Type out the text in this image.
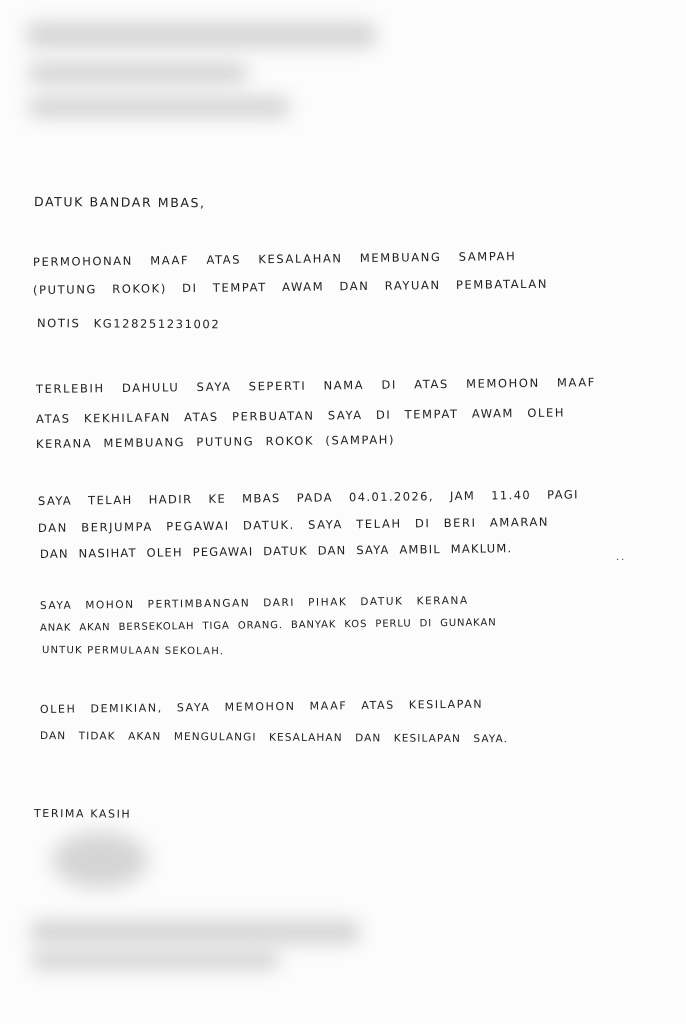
DATUK BANDAR MBAS,
PERMOHONAN MAAF ATAS KESALAHAN MEMBUANG SAMPAH
(PUTUNG ROKOK) DI TEMPAT AWAM DAN RAYUAN PEMBATALAN
NOTIS KG128251231002
TERLEBIH DAHULU SAYA SEPERTI NAMA DI ATAS MEMOHON MAAF
ATAS KEKHILAFAN ATAS PERBUATAN SAYA DI TEMPAT AWAM OLEH
KERANA MEMBUANG PUTUNG ROKOK (SAMPAH)
SAYA TELAH HADIR KE MBAS PADA 04.01.2026, JAM 11.40 PAGI
DAN BERJUMPA PEGAWAI DATUK. SAYA TELAH DI BERI AMARAN
DAN NASIHAT OLEH PEGAWAI DATUK DAN SAYA AMBIL MAKLUM.	..
SAYA MOHON PERTIMBANGAN DARI PIHAK DATUK KERANA
ANAK AKAN BERSEKOLAH TIGA ORANG. BANYAK KOS PERLU DI GUNAKAN
UNTUK PERMULAAN SEKOLAH.
OLEH DEMIKIAN, SAYA MEMOHON MAAF ATAS KESILAPAN
DAN TIDAK AKAN MENGULANGI KESALAHAN DAN KESILAPAN SAYA.
TERIMA KASIH
